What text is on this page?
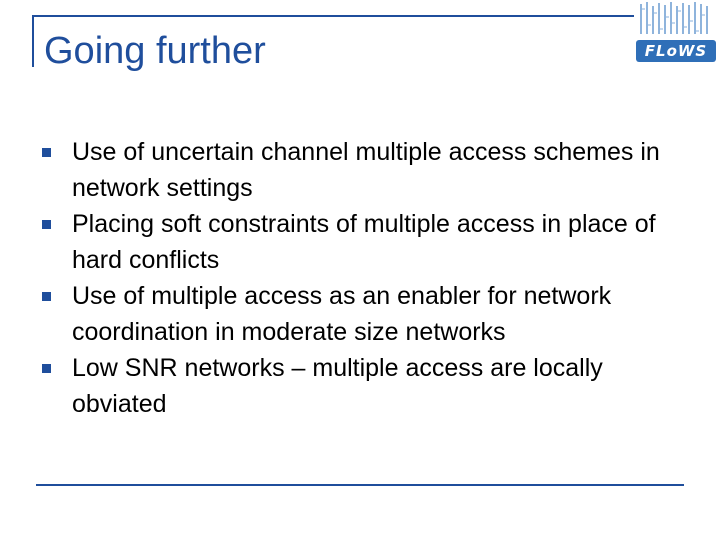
Going further	FLoWS
Use of uncertain channel multiple access schemes in network settings
Placing soft constraints of multiple access in place of hard conflicts
Use of multiple access as an enabler for network coordination in moderate size networks
Low SNR networks – multiple access are locally obviated
